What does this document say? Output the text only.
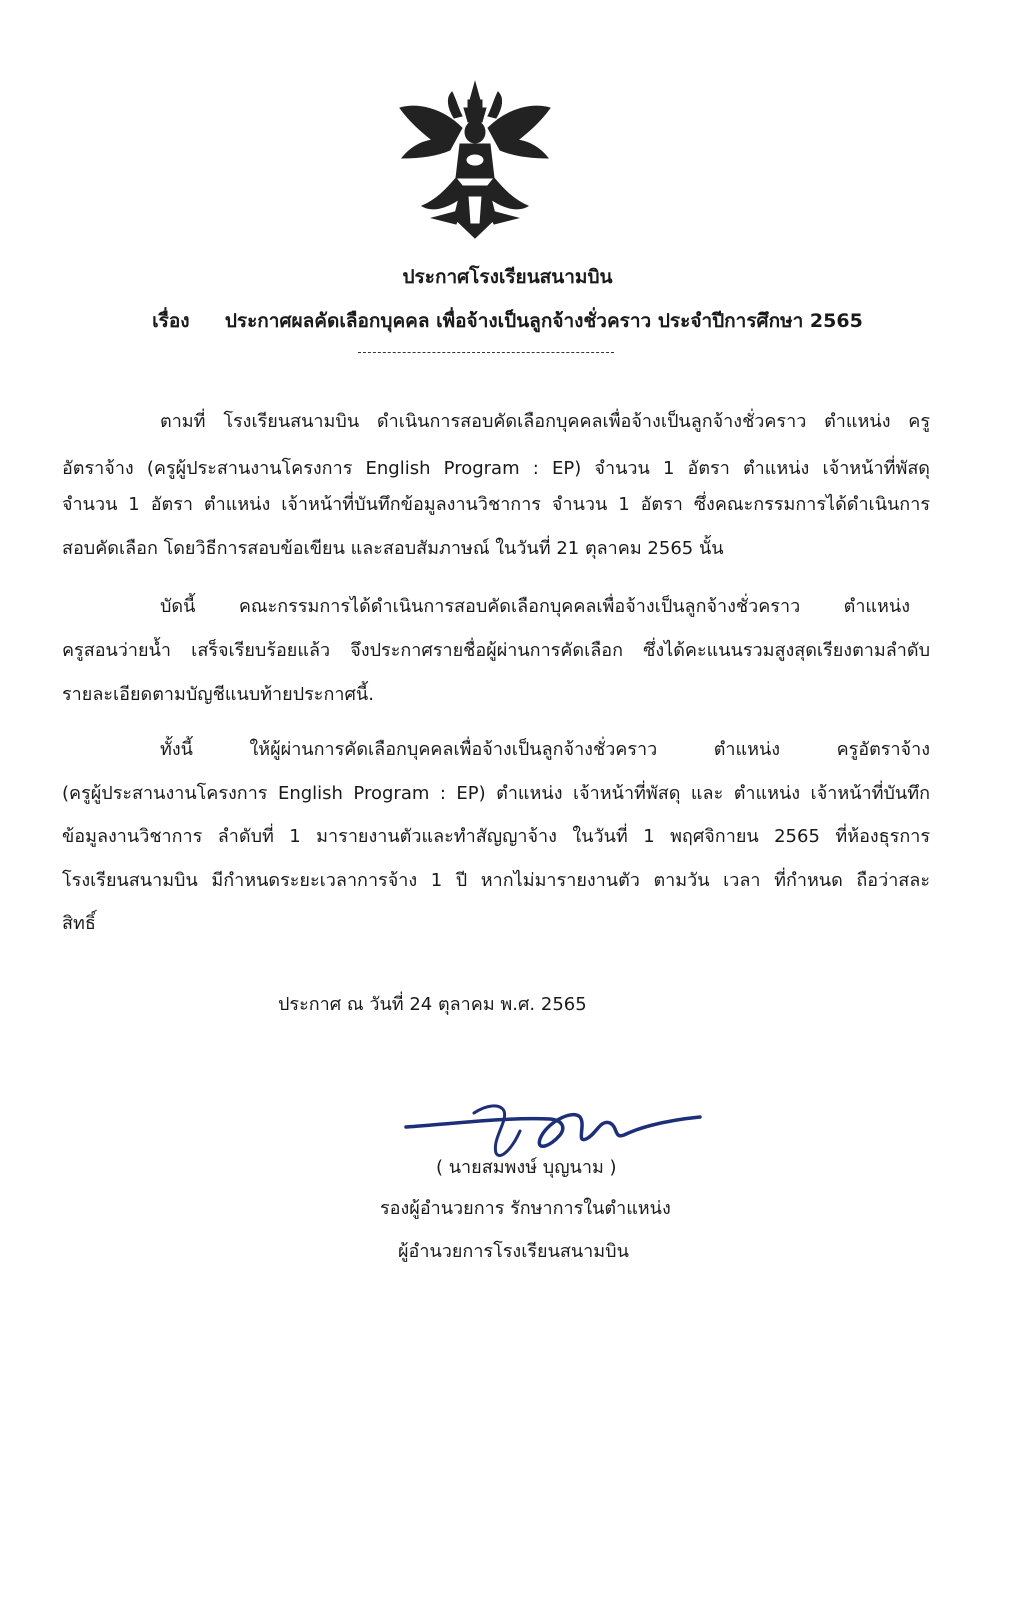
ประกาศโรงเรียนสนามบิน
เรื่อง ประกาศผลคัดเลือกบุคคล เพื่อจ้างเป็นลูกจ้างชั่วคราว ประจำปีการศึกษา 2565
ตามที่ โรงเรียนสนามบิน ดำเนินการสอบคัดเลือกบุคคลเพื่อจ้างเป็นลูกจ้างชั่วคราว ตำแหน่ง ครู
อัตราจ้าง (ครูผู้ประสานงานโครงการ English Program : EP) จำนวน 1 อัตรา ตำแหน่ง เจ้าหน้าที่พัสดุ
จำนวน 1 อัตรา ตำแหน่ง เจ้าหน้าที่บันทึกข้อมูลงานวิชาการ จำนวน 1 อัตรา ซึ่งคณะกรรมการได้ดำเนินการ
สอบคัดเลือก โดยวิธีการสอบข้อเขียน และสอบสัมภาษณ์ ในวันที่ 21 ตุลาคม 2565 นั้น
บัดนี้ คณะกรรมการได้ดำเนินการสอบคัดเลือกบุคคลเพื่อจ้างเป็นลูกจ้างชั่วคราว ตำแหน่ง
ครูสอนว่ายน้ำ เสร็จเรียบร้อยแล้ว จึงประกาศรายชื่อผู้ผ่านการคัดเลือก ซึ่งได้คะแนนรวมสูงสุดเรียงตามลำดับ
รายละเอียดตามบัญชีแนบท้ายประกาศนี้.
ทั้งนี้ ให้ผู้ผ่านการคัดเลือกบุคคลเพื่อจ้างเป็นลูกจ้างชั่วคราว ตำแหน่ง ครูอัตราจ้าง
(ครูผู้ประสานงานโครงการ English Program : EP) ตำแหน่ง เจ้าหน้าที่พัสดุ และ ตำแหน่ง เจ้าหน้าที่บันทึก
ข้อมูลงานวิชาการ ลำดับที่ 1 มารายงานตัวและทำสัญญาจ้าง ในวันที่ 1 พฤศจิกายน 2565 ที่ห้องธุรการ
โรงเรียนสนามบิน มีกำหนดระยะเวลาการจ้าง 1 ปี หากไม่มารายงานตัว ตามวัน เวลา ที่กำหนด ถือว่าสละ
สิทธิ์
ประกาศ ณ วันที่ 24 ตุลาคม พ.ศ. 2565
( นายสมพงษ์ บุญนาม )
รองผู้อำนวยการ รักษาการในตำแหน่ง
ผู้อำนวยการโรงเรียนสนามบิน
